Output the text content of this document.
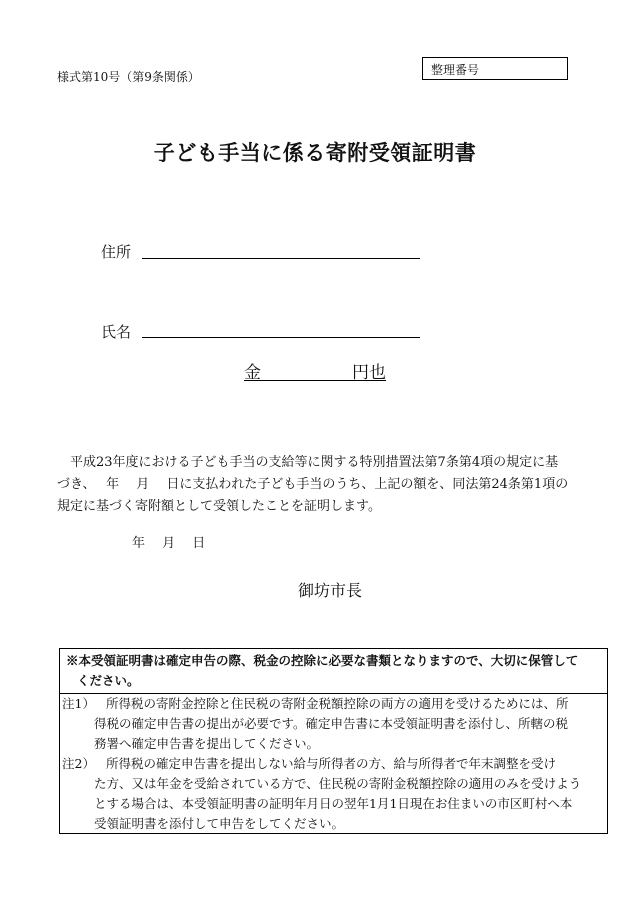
様式第10号（第9条関係）	整理番号
子ども手当に係る寄附受領証明書
住所
氏名
金	円也

平成23年度における子ども手当の支給等に関する特別措置法第7条第4項の規定に基

づき、　 年　 月　 日に支払われた子ども手当のうち、上記の額を、同法第24条第1項の

規定に基づく寄附額として受領したことを証明します。

年　 月　 日
御坊市長

※本受領証明書は確定申告の際、税金の控除に必要な書類となりますので、大切に保管して

ください。

注1） 所得税の寄附金控除と住民税の寄附金税額控除の両方の適用を受けるためには、所

得税の確定申告書の提出が必要です。確定申告書に本受領証明書を添付し、所轄の税

務署へ確定申告書を提出してください。

注2） 所得税の確定申告書を提出しない給与所得者の方、給与所得者で年末調整を受け

た方、又は年金を受給されている方で、住民税の寄附金税額控除の適用のみを受けよう

とする場合は、本受領証明書の証明年月日の翌年1月1日現在お住まいの市区町村へ本

受領証明書を添付して申告をしてください。
